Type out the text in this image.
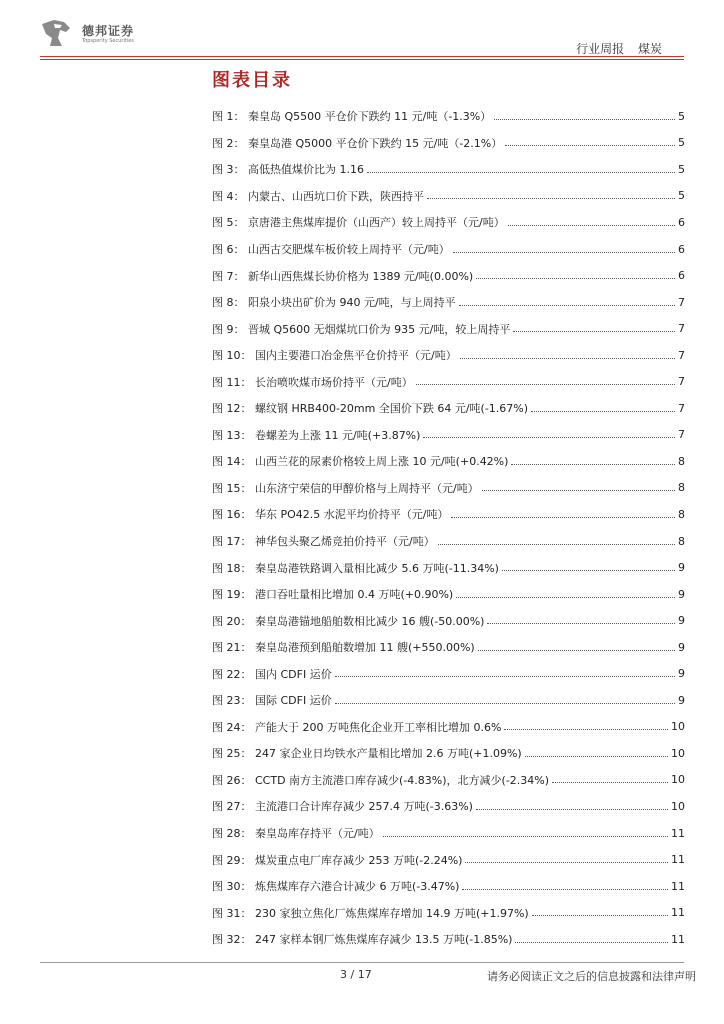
德邦证券
Topsperity Securities
行业周报 煤炭
图表目录
图 1： 秦皇岛 Q5500 平仓价下跌约 11 元/吨（-1.3%）	5
图 2： 秦皇岛港 Q5000 平仓价下跌约 15 元/吨（-2.1%）	5
图 3： 高低热值煤价比为 1.16	5
图 4： 内蒙古、山西坑口价下跌，陕西持平	5
图 5： 京唐港主焦煤库提价（山西产）较上周持平（元/吨）	6
图 6： 山西古交肥煤车板价较上周持平（元/吨）	6
图 7： 新华山西焦煤长协价格为 1389 元/吨(0.00%)	6
图 8： 阳泉小块出矿价为 940 元/吨，与上周持平	7
图 9： 晋城 Q5600 无烟煤坑口价为 935 元/吨，较上周持平	7
图 10： 国内主要港口冶金焦平仓价持平（元/吨）	7
图 11： 长治喷吹煤市场价持平（元/吨）	7
图 12： 螺纹钢 HRB400-20mm 全国价下跌 64 元/吨(-1.67%)	7
图 13： 卷螺差为上涨 11 元/吨(+3.87%)	7
图 14： 山西兰花的尿素价格较上周上涨 10 元/吨(+0.42%)	8
图 15： 山东济宁荣信的甲醇价格与上周持平（元/吨）	8
图 16： 华东 PO42.5 水泥平均价持平（元/吨）	8
图 17： 神华包头聚乙烯竞拍价持平（元/吨）	8
图 18： 秦皇岛港铁路调入量相比减少 5.6 万吨(-11.34%)	9
图 19： 港口吞吐量相比增加 0.4 万吨(+0.90%)	9
图 20： 秦皇岛港锚地船舶数相比减少 16 艘(-50.00%)	9
图 21： 秦皇岛港预到船舶数增加 11 艘(+550.00%)	9
图 22： 国内 CDFI 运价	9
图 23： 国际 CDFI 运价	9
图 24： 产能大于 200 万吨焦化企业开工率相比增加 0.6%	10
图 25： 247 家企业日均铁水产量相比增加 2.6 万吨(+1.09%)	10
图 26： CCTD 南方主流港口库存减少(-4.83%)，北方减少(-2.34%)	10
图 27： 主流港口合计库存减少 257.4 万吨(-3.63%)	10
图 28： 秦皇岛库存持平（元/吨）	11
图 29： 煤炭重点电厂库存减少 253 万吨(-2.24%)	11
图 30： 炼焦煤库存六港合计减少 6 万吨(-3.47%)	11
图 31： 230 家独立焦化厂炼焦煤库存增加 14.9 万吨(+1.97%)	11
图 32： 247 家样本钢厂炼焦煤库存减少 13.5 万吨(-1.85%)	11
3 / 17	请务必阅读正文之后的信息披露和法律声明
